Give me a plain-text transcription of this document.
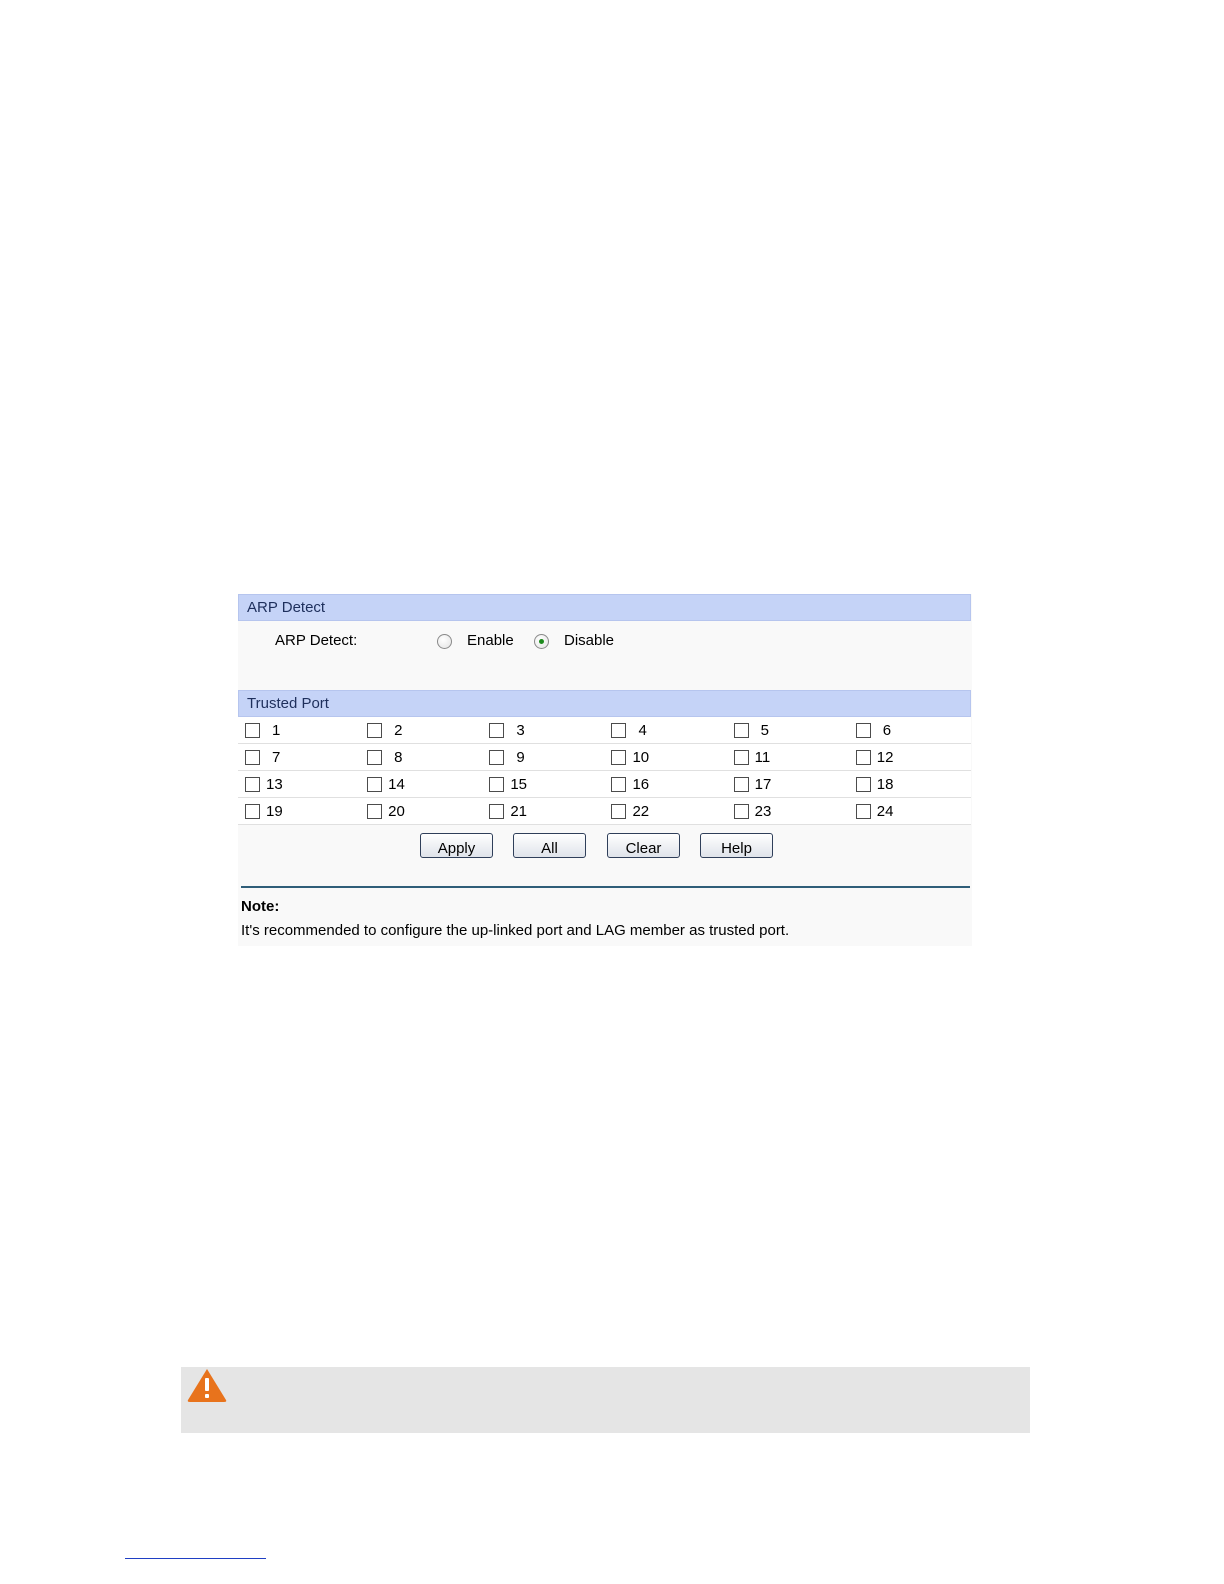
ARP Detect
ARP Detect:	Enable	Disable
Trusted Port
1	2	3	4	5	6

7	8	9	10	11	12

13	14	15	16	17	18

19	20	21	22	23	24
Apply	All	Clear	Help
Note:
It's recommended to configure the up-linked port and LAG member as trusted port.
